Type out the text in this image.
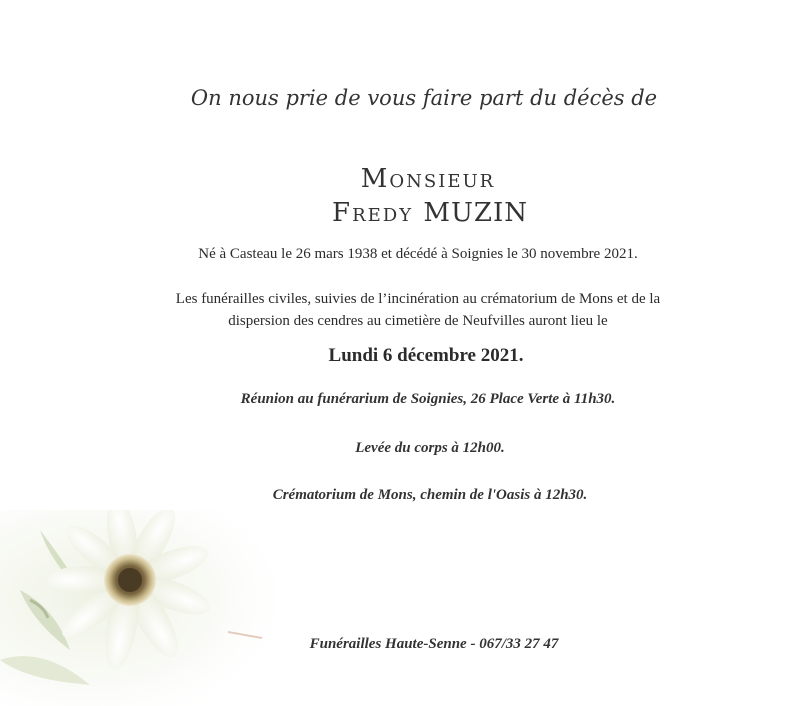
On nous prie de vous faire part du décès de
Monsieur
Fredy MUZIN
Né à Casteau le 26 mars 1938 et décédé à Soignies le 30 novembre 2021.
Les funérailles civiles, suivies de l’incinération au crématorium de Mons et de la
dispersion des cendres au cimetière de Neufvilles auront lieu le
Lundi 6 décembre 2021.
Réunion au funérarium de Soignies, 26 Place Verte à 11h30.
Levée du corps à 12h00.
Crématorium de Mons, chemin de l'Oasis à 12h30.
Funérailles Haute-Senne - 067/33 27 47
